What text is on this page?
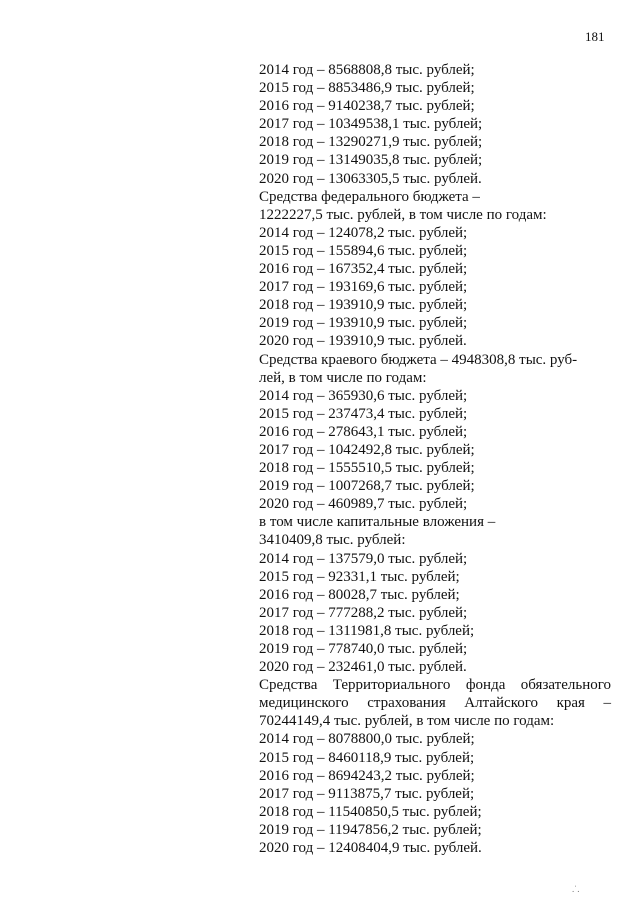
181

2014 год – 8568808,8 тыс. рублей;

2015 год – 8853486,9 тыс. рублей;

2016 год – 9140238,7 тыс. рублей;

2017 год – 10349538,1 тыс. рублей;

2018 год – 13290271,9 тыс. рублей;

2019 год – 13149035,8 тыс. рублей;

2020 год – 13063305,5 тыс. рублей.

Средства федерального бюджета –

1222227,5 тыс. рублей, в том числе по годам:

2014 год – 124078,2 тыс. рублей;

2015 год – 155894,6 тыс. рублей;

2016 год – 167352,4 тыс. рублей;

2017 год – 193169,6 тыс. рублей;

2018 год – 193910,9 тыс. рублей;

2019 год – 193910,9 тыс. рублей;

2020 год – 193910,9 тыс. рублей.

Средства краевого бюджета – 4948308,8 тыс. руб-

лей, в том числе по годам:

2014 год – 365930,6 тыс. рублей;

2015 год – 237473,4 тыс. рублей;

2016 год – 278643,1 тыс. рублей;

2017 год – 1042492,8 тыс. рублей;

2018 год – 1555510,5 тыс. рублей;

2019 год – 1007268,7 тыс. рублей;

2020 год – 460989,7 тыс. рублей;

в том числе капитальные вложения –

3410409,8 тыс. рублей:

2014 год – 137579,0 тыс. рублей;

2015 год – 92331,1 тыс. рублей;

2016 год – 80028,7 тыс. рублей;

2017 год – 777288,2 тыс. рублей;

2018 год – 1311981,8 тыс. рублей;

2019 год – 778740,0 тыс. рублей;

2020 год – 232461,0 тыс. рублей.

Средства Территориального фонда обязательного

медицинского страхования Алтайского края –

70244149,4 тыс. рублей, в том числе по годам:

2014 год – 8078800,0 тыс. рублей;

2015 год – 8460118,9 тыс. рублей;

2016 год – 8694243,2 тыс. рублей;

2017 год – 9113875,7 тыс. рублей;

2018 год – 11540850,5 тыс. рублей;

2019 год – 11947856,2 тыс. рублей;

2020 год – 12408404,9 тыс. рублей.

.ˈ.
